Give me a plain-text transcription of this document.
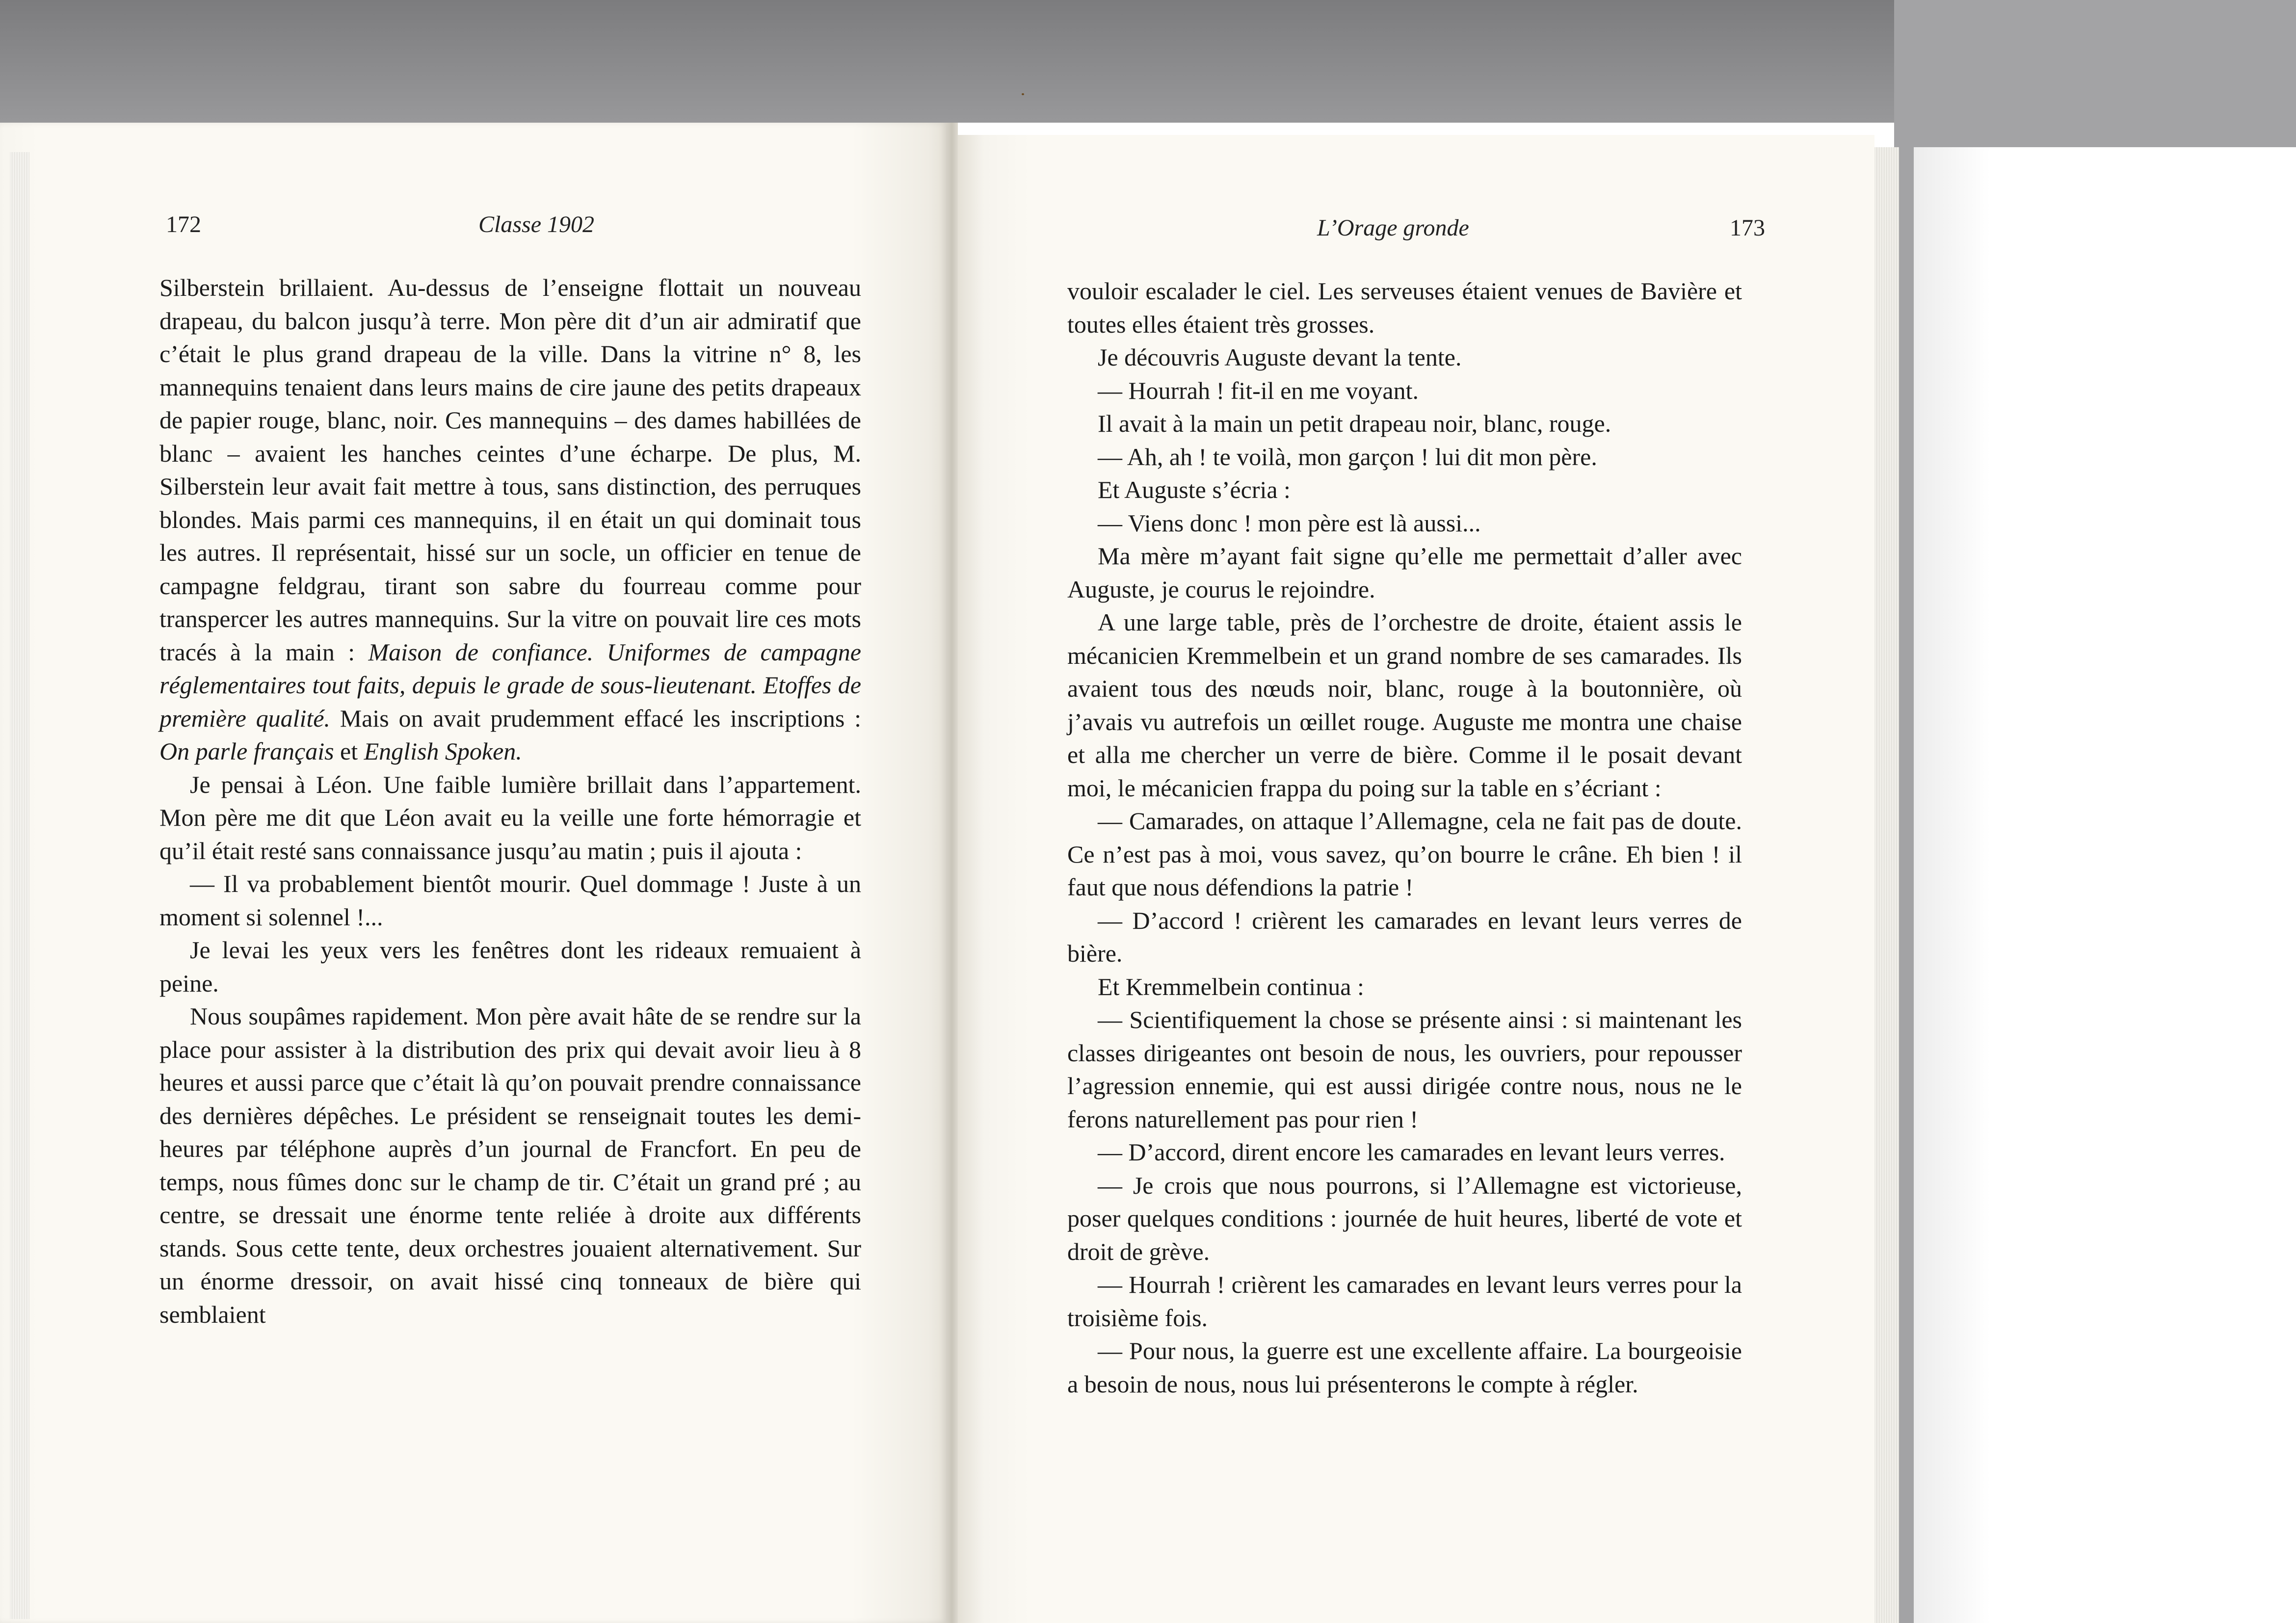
172	Classe 1902

Silberstein brillaient. Au-dessus de l’enseigne flottait un nouveau drapeau, du balcon jusqu’à terre. Mon père dit d’un air admiratif que c’était le plus grand drapeau de la ville. Dans la vitrine n° 8, les mannequins tenaient dans leurs mains de cire jaune des petits drapeaux de papier rouge, blanc, noir. Ces mannequins – des dames habillées de blanc – avaient les hanches ceintes d’une écharpe. De plus, M. Silberstein leur avait fait mettre à tous, sans distinction, des perruques blondes. Mais parmi ces mannequins, il en était un qui dominait tous les autres. Il représentait, hissé sur un socle, un officier en tenue de campagne feldgrau, tirant son sabre du fourreau comme pour transpercer les autres mannequins. Sur la vitre on pouvait lire ces mots tracés à la main : Maison de confiance. Uniformes de campagne réglementaires tout faits, depuis le grade de sous-lieutenant. Etoffes de première qualité. Mais on avait prudemment effacé les inscriptions : On parle français et English Spoken.

Je pensai à Léon. Une faible lumière brillait dans l’appartement. Mon père me dit que Léon avait eu la veille une forte hémorragie et qu’il était resté sans connaissance jusqu’au matin ; puis il ajouta :

— Il va probablement bientôt mourir. Quel dommage ! Juste à un moment si solennel !...

Je levai les yeux vers les fenêtres dont les rideaux remuaient à peine.

Nous soupâmes rapidement. Mon père avait hâte de se rendre sur la place pour assister à la distribution des prix qui devait avoir lieu à 8 heures et aussi parce que c’était là qu’on pouvait prendre connaissance des dernières dépêches. Le président se renseignait toutes les demi-heures par téléphone auprès d’un journal de Francfort. En peu de temps, nous fûmes donc sur le champ de tir. C’était un grand pré ; au centre, se dressait une énorme tente reliée à droite aux différents stands. Sous cette tente, deux orchestres jouaient alternativement. Sur un énorme dressoir, on avait hissé cinq tonneaux de bière qui semblaient

L’Orage gronde	173

vouloir escalader le ciel. Les serveuses étaient venues de Bavière et toutes elles étaient très grosses.

Je découvris Auguste devant la tente.

— Hourrah ! fit-il en me voyant.

Il avait à la main un petit drapeau noir, blanc, rouge.

— Ah, ah ! te voilà, mon garçon ! lui dit mon père.

Et Auguste s’écria :

— Viens donc ! mon père est là aussi...

Ma mère m’ayant fait signe qu’elle me permettait d’aller avec Auguste, je courus le rejoindre.

A une large table, près de l’orchestre de droite, étaient assis le mécanicien Kremmelbein et un grand nombre de ses camarades. Ils avaient tous des nœuds noir, blanc, rouge à la boutonnière, où j’avais vu autrefois un œillet rouge. Auguste me montra une chaise et alla me chercher un verre de bière. Comme il le posait devant moi, le mécanicien frappa du poing sur la table en s’écriant :

— Camarades, on attaque l’Allemagne, cela ne fait pas de doute. Ce n’est pas à moi, vous savez, qu’on bourre le crâne. Eh bien ! il faut que nous défendions la patrie !

— D’accord ! crièrent les camarades en levant leurs verres de bière.

Et Kremmelbein continua :

— Scientifiquement la chose se présente ainsi : si maintenant les classes dirigeantes ont besoin de nous, les ouvriers, pour repousser l’agression ennemie, qui est aussi dirigée contre nous, nous ne le ferons naturellement pas pour rien !

— D’accord, dirent encore les camarades en levant leurs verres.

— Je crois que nous pourrons, si l’Allemagne est victorieuse, poser quelques conditions : journée de huit heures, liberté de vote et droit de grève.

— Hourrah ! crièrent les camarades en levant leurs verres pour la troisième fois.

— Pour nous, la guerre est une excellente affaire. La bourgeoisie a besoin de nous, nous lui présenterons le compte à régler.
